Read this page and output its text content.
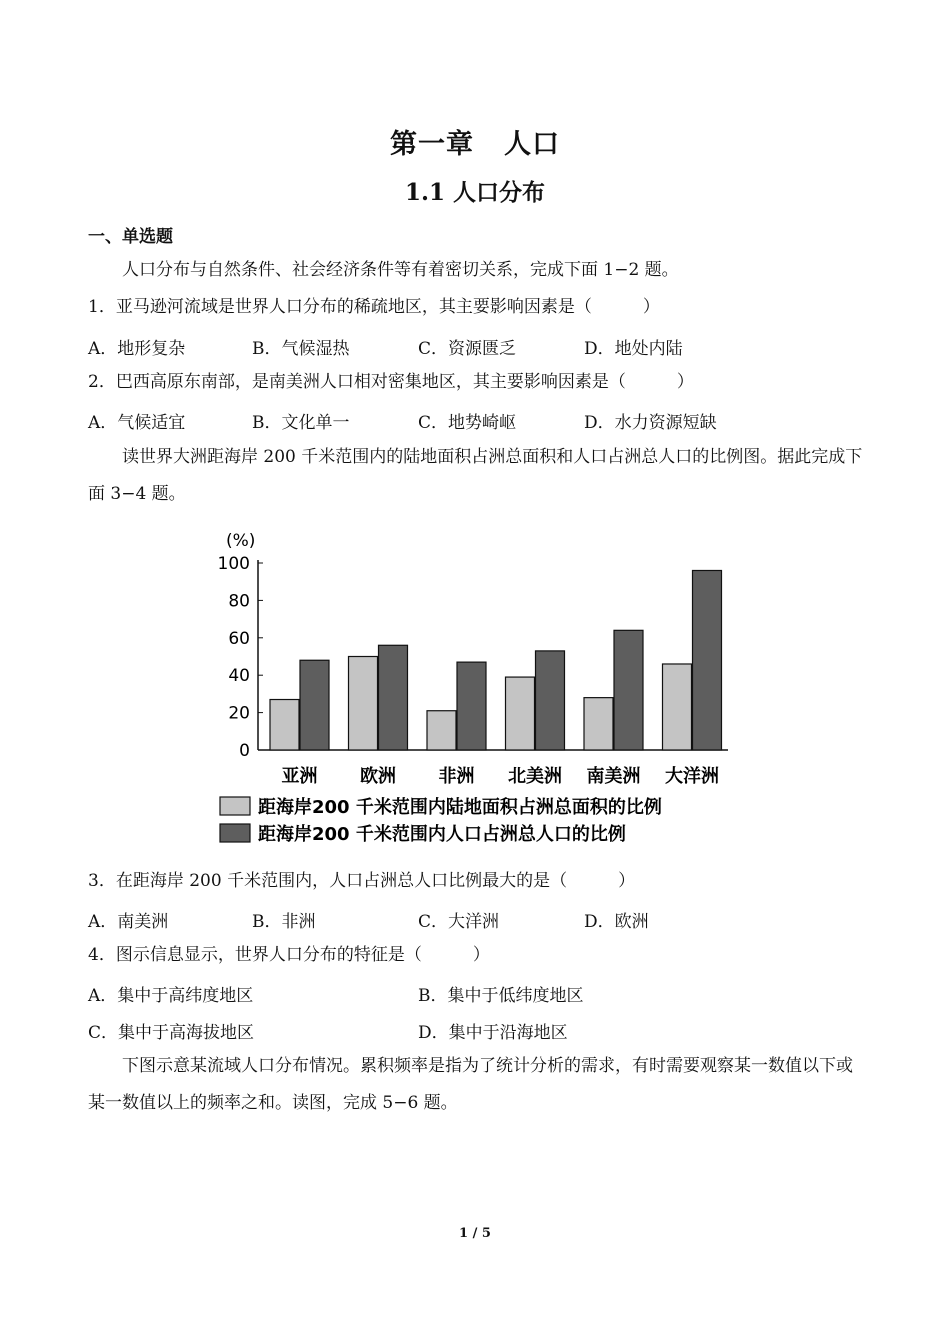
第一章 人口
1.1 人口分布
一、单选题
人口分布与自然条件、社会经济条件等有着密切关系，完成下面 1−2 题。
1．亚马逊河流域是世界人口分布的稀疏地区，其主要影响因素是（　　　）
A．地形复杂	B．气候湿热	C．资源匮乏	D．地处内陆
2．巴西高原东南部，是南美洲人口相对密集地区，其主要影响因素是（　　　）
A．气候适宜	B．文化单一	C．地势崎岖	D．水力资源短缺
读世界大洲距海岸 200 千米范围内的陆地面积占洲总面积和人口占洲总人口的比例图。据此完成下面 3−4 题。
(%)
0
20
40
60
80
100
亚洲 欧洲 非洲 北美洲 南美洲 大洋洲
距海岸200 千米范围内陆地面积占洲总面积的比例
距海岸200 千米范围内人口占洲总人口的比例
3．在距海岸 200 千米范围内，人口占洲总人口比例最大的是（　　　）
A．南美洲	B．非洲	C．大洋洲	D．欧洲
4．图示信息显示，世界人口分布的特征是（　　　）
A．集中于高纬度地区	B．集中于低纬度地区
C．集中于高海拔地区	D．集中于沿海地区
下图示意某流域人口分布情况。累积频率是指为了统计分析的需求，有时需要观察某一数值以下或某一数值以上的频率之和。读图，完成 5−6 题。
1 / 5
